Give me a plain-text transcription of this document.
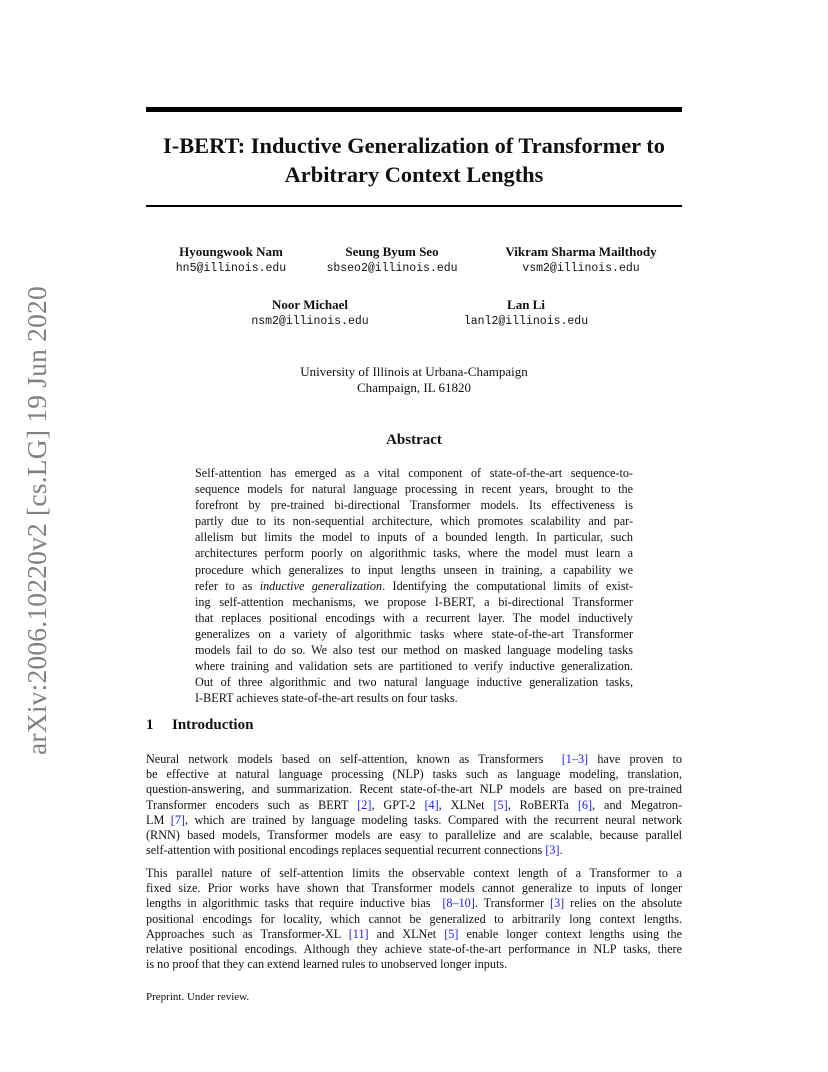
arXiv:2006.10220v2 [cs.LG] 19 Jun 2020
I-BERT: Inductive Generalization of Transformer to
Arbitrary Context Lengths
Hyoungwook Nam
hn5@illinois.edu
Seung Byum Seo
sbseo2@illinois.edu
Vikram Sharma Mailthody
vsm2@illinois.edu
Noor Michael
nsm2@illinois.edu
Lan Li
lanl2@illinois.edu
University of Illinois at Urbana-Champaign
Champaign, IL 61820
Abstract
Self-attention has emerged as a vital component of state-of-the-art sequence-to-
sequence models for natural language processing in recent years, brought to the
forefront by pre-trained bi-directional Transformer models. Its effectiveness is
partly due to its non-sequential architecture, which promotes scalability and par-
allelism but limits the model to inputs of a bounded length. In particular, such
architectures perform poorly on algorithmic tasks, where the model must learn a
procedure which generalizes to input lengths unseen in training, a capability we
refer to as inductive generalization. Identifying the computational limits of exist-
ing self-attention mechanisms, we propose I-BERT, a bi-directional Transformer
that replaces positional encodings with a recurrent layer. The model inductively
generalizes on a variety of algorithmic tasks where state-of-the-art Transformer
models fail to do so. We also test our method on masked language modeling tasks
where training and validation sets are partitioned to verify inductive generalization.
Out of three algorithmic and two natural language inductive generalization tasks,
I-BERT achieves state-of-the-art results on four tasks.
1 Introduction
Neural network models based on self-attention, known as Transformers [1–3] have proven to
be effective at natural language processing (NLP) tasks such as language modeling, translation,
question-answering, and summarization. Recent state-of-the-art NLP models are based on pre-trained
Transformer encoders such as BERT [2], GPT-2 [4], XLNet [5], RoBERTa [6], and Megatron-
LM [7], which are trained by language modeling tasks. Compared with the recurrent neural network
(RNN) based models, Transformer models are easy to parallelize and are scalable, because parallel
self-attention with positional encodings replaces sequential recurrent connections [3].
This parallel nature of self-attention limits the observable context length of a Transformer to a
fixed size. Prior works have shown that Transformer models cannot generalize to inputs of longer
lengths in algorithmic tasks that require inductive bias [8–10]. Transformer [3] relies on the absolute
positional encodings for locality, which cannot be generalized to arbitrarily long context lengths.
Approaches such as Transformer-XL [11] and XLNet [5] enable longer context lengths using the
relative positional encodings. Although they achieve state-of-the-art performance in NLP tasks, there
is no proof that they can extend learned rules to unobserved longer inputs.
Preprint. Under review.
